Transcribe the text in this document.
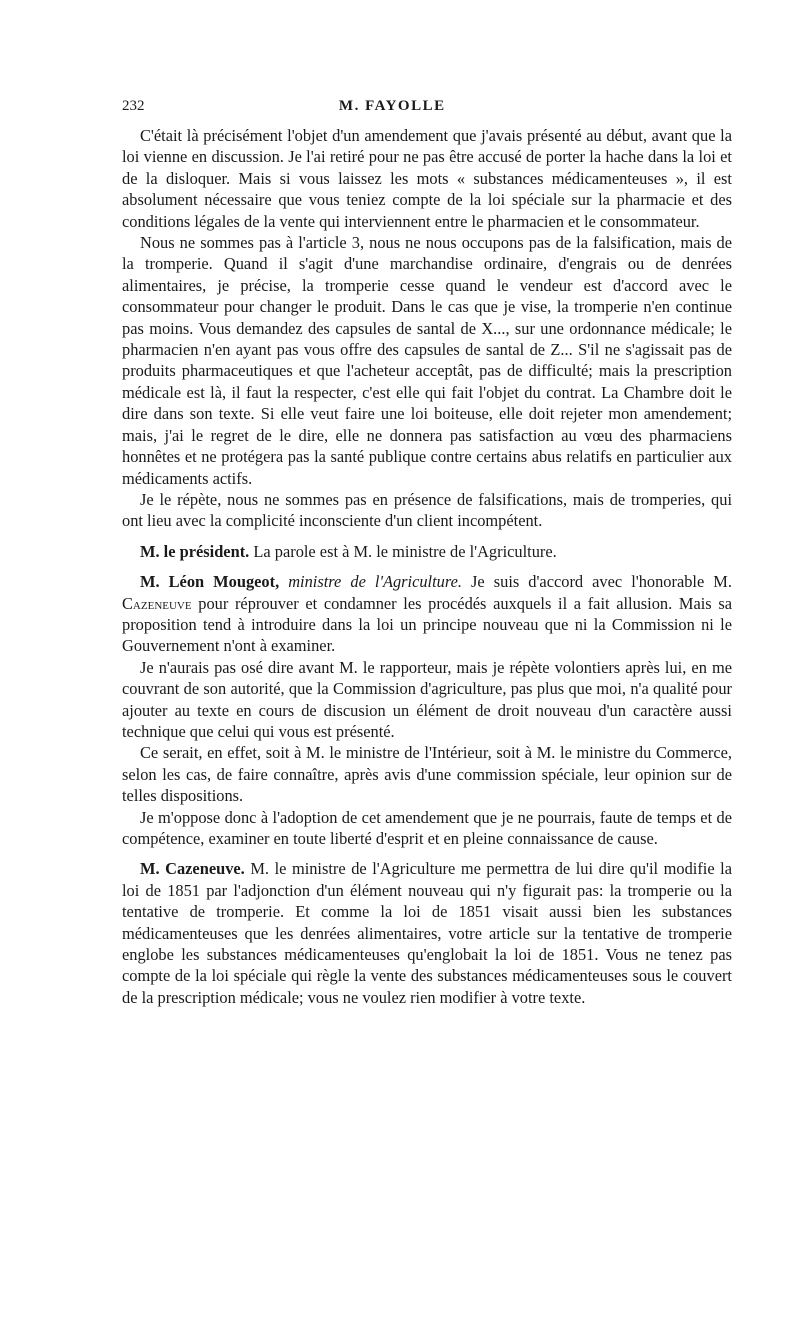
232	M. FAYOLLE

C'était là précisément l'objet d'un amendement que j'avais présenté au début, avant que la loi vienne en discussion. Je l'ai retiré pour ne pas être accusé de porter la hache dans la loi et de la disloquer. Mais si vous laissez les mots « substances médicamenteuses », il est absolument nécessaire que vous teniez compte de la loi spéciale sur la pharmacie et des conditions légales de la vente qui interviennent entre le pharmacien et le consommateur.

Nous ne sommes pas à l'article 3, nous ne nous occupons pas de la falsification, mais de la tromperie. Quand il s'agit d'une marchandise ordinaire, d'engrais ou de denrées alimentaires, je précise, la tromperie cesse quand le vendeur est d'accord avec le consommateur pour changer le produit. Dans le cas que je vise, la tromperie n'en continue pas moins. Vous demandez des capsules de santal de X..., sur une ordonnance médicale; le pharmacien n'en ayant pas vous offre des capsules de santal de Z... S'il ne s'agissait pas de produits pharmaceutiques et que l'acheteur acceptât, pas de difficulté; mais la prescription médicale est là, il faut la respecter, c'est elle qui fait l'objet du contrat. La Chambre doit le dire dans son texte. Si elle veut faire une loi boiteuse, elle doit rejeter mon amendement; mais, j'ai le regret de le dire, elle ne donnera pas satisfaction au vœu des pharmaciens honnêtes et ne protégera pas la santé publique contre certains abus relatifs en particulier aux médicaments actifs.

Je le répète, nous ne sommes pas en présence de falsifications, mais de tromperies, qui ont lieu avec la complicité inconsciente d'un client incompétent.

M. le président. La parole est à M. le ministre de l'Agriculture.

M. Léon Mougeot, ministre de l'Agriculture. Je suis d'accord avec l'honorable M. Cazeneuve pour réprouver et condamner les procédés auxquels il a fait allusion. Mais sa proposition tend à introduire dans la loi un principe nouveau que ni la Commission ni le Gouvernement n'ont à examiner.

Je n'aurais pas osé dire avant M. le rapporteur, mais je répète volontiers après lui, en me couvrant de son autorité, que la Commission d'agriculture, pas plus que moi, n'a qualité pour ajouter au texte en cours de discusion un élément de droit nouveau d'un caractère aussi technique que celui qui vous est présenté.

Ce serait, en effet, soit à M. le ministre de l'Intérieur, soit à M. le ministre du Commerce, selon les cas, de faire connaître, après avis d'une commission spéciale, leur opinion sur de telles dispositions.

Je m'oppose donc à l'adoption de cet amendement que je ne pourrais, faute de temps et de compétence, examiner en toute liberté d'esprit et en pleine connaissance de cause.

M. Cazeneuve. M. le ministre de l'Agriculture me permettra de lui dire qu'il modifie la loi de 1851 par l'adjonction d'un élément nouveau qui n'y figurait pas: la tromperie ou la tentative de tromperie. Et comme la loi de 1851 visait aussi bien les substances médicamenteuses que les denrées alimentaires, votre article sur la tentative de tromperie englobe les substances médicamenteuses qu'englobait la loi de 1851. Vous ne tenez pas compte de la loi spéciale qui règle la vente des substances médicamenteuses sous le couvert de la prescription médicale; vous ne voulez rien modifier à votre texte.
